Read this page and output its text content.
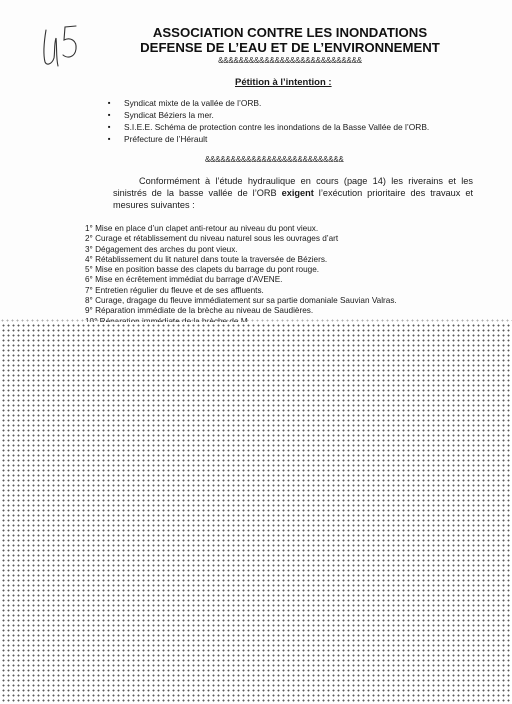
ASSOCIATION CONTRE LES INONDATIONS
DEFENSE DE L’EAU ET DE L’ENVIRONNEMENT
&&&&&&&&&&&&&&&&&&&&&&&&&&&&
Pétition à l’intention :
■ Syndicat mixte de la vallée de l’ORB.
■ Syndicat Béziers la mer.
■ S.I.E.E. Schéma de protection contre les inondations de la Basse Vallée de l’ORB.
■ Préfecture de l’Hérault
&&&&&&&&&&&&&&&&&&&&&&&&&&&
Conformément à l’étude hydraulique en cours (page 14) les riverains et les sinistrés de la basse vallée de l’ORB exigent l’exécution prioritaire des travaux et mesures suivantes :
1° Mise en place d’un clapet anti-retour au niveau du pont vieux.
2° Curage et rétablissement du niveau naturel sous les ouvrages d’art
3° Dégagement des arches du pont vieux.
4° Rétablissement du lit naturel dans toute la traversée de Béziers.
5° Mise en position basse des clapets du barrage du pont rouge.
6° Mise en écrêtement immédiat du barrage d’AVENE.
7° Entretien régulier du fleuve et de ses affluents.
8° Curage, dragage du fleuve immédiatement sur sa partie domaniale Sauvian Valras.
9° Réparation immédiate de la brèche au niveau de Saudières.
